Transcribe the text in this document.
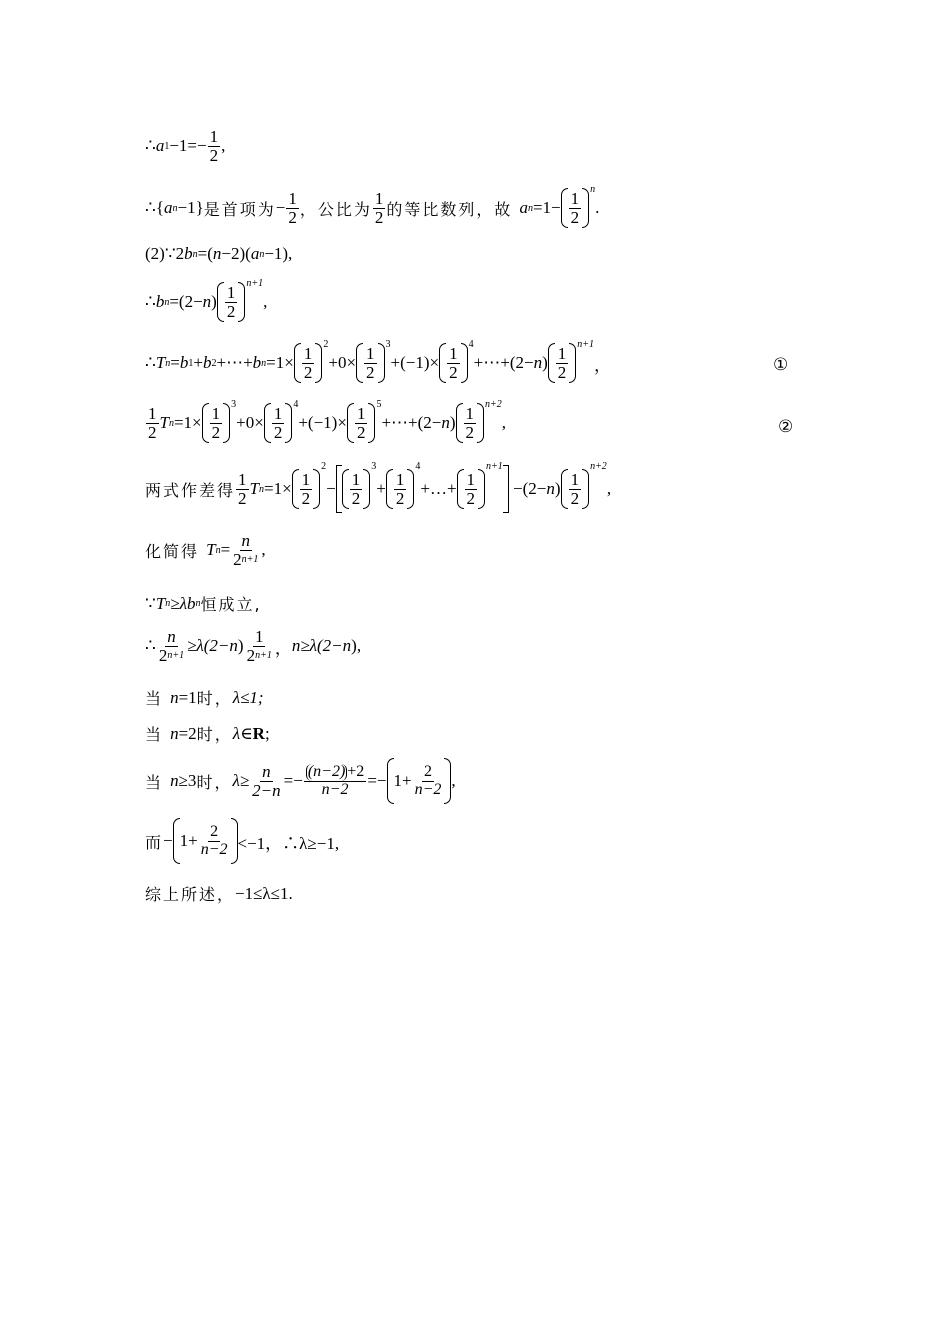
∴ a $1 -1=- \frac{1}{2}$ ,
∴{ a n −1} 是首项为 − $\frac{1}{2}$ ，公比为 $\frac{1}{2}$ 的等比数列，故 a $n =1- \frac{1}{2}$
n
.
(2)∵2 b n =( n −2)( a n −1),
∴ b n =(2− n ) $\frac{1}{2}$
n+1
,
∴ T n = b 1 + b 2 +⋯+ b $n =1\times \frac{1}{2}$
2
$+0\times \frac{1}{2}$
3
$+(-1)\times \frac{1}{2}$
4
+⋯+(2− n ) $\frac{1}{2}$
n+1
，	①
$\frac{1}{2}$ T $n =1\times \frac{1}{2}$
3
$+0\times \frac{1}{2}$
4
$+(-1)\times \frac{1}{2}$
5
+⋯+(2− n ) $\frac{1}{2}$
n+2
,	②
两式作差得 $\frac{1}{2}$ T $n =1\times \frac{1}{2}$
2
− $\frac{1}{2}$
3
+ $\frac{1}{2}$
4
+…+ $\frac{1}{2}$
n+1
−(2− n ) $\frac{1}{2}$
n+2
,
化简得 T $n = \frac{n}{2 n+1}$ ,
∵ T n ≥λ b n 恒成立,
∴ $\frac{n}{2 n+1} \ge\lambda(2- n$ ) $\frac{1}{2 n+1}$ ， n ≥λ(2− n ),
当 n =1 时， λ≤1;
当 n =2 时， λ∈ R ;
当 n ≥3 时， $\lambda\ge \frac{n}{2-n} =- \frac{(n-2) +2}{n-2} =- 1+ \frac{2}{n-2}$ ,
而 − $1+ \frac{2}{n-2} <-1$，∴λ≥−1,
综上所述， −1≤λ≤1.
